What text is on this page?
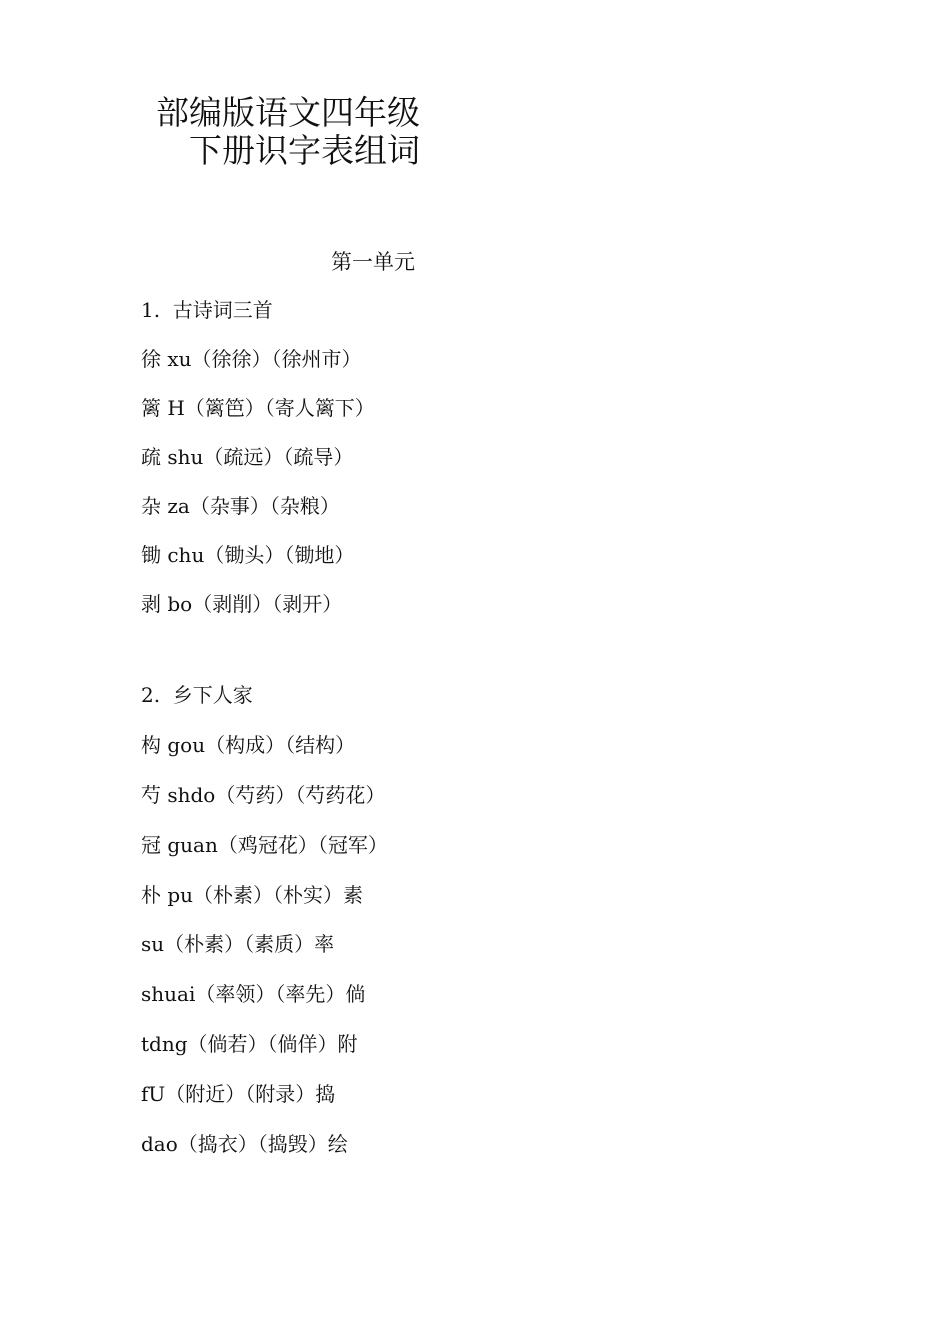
部编版语文四年级
下册识字表组词
第一单元
1.  古诗词三首
徐 xu（徐徐）（徐州市）
篱 H（篱笆）（寄人篱下）
疏 shu（疏远）（疏导）
杂 za（杂事）（杂粮）
锄 chu（锄头）（锄地）
剥 bo（剥削）（剥开）
2.  乡下人家
构 gou（构成）（结构）
芍 shdo（芍药）（芍药花）
冠 guan（鸡冠花）（冠军）
朴 pu（朴素）（朴实）素
su（朴素）（素质）率
shuai（率领）（率先）倘
tdng（倘若）（倘佯）附
fU（附近）（附录）捣
dao（捣衣）（捣毁）绘
